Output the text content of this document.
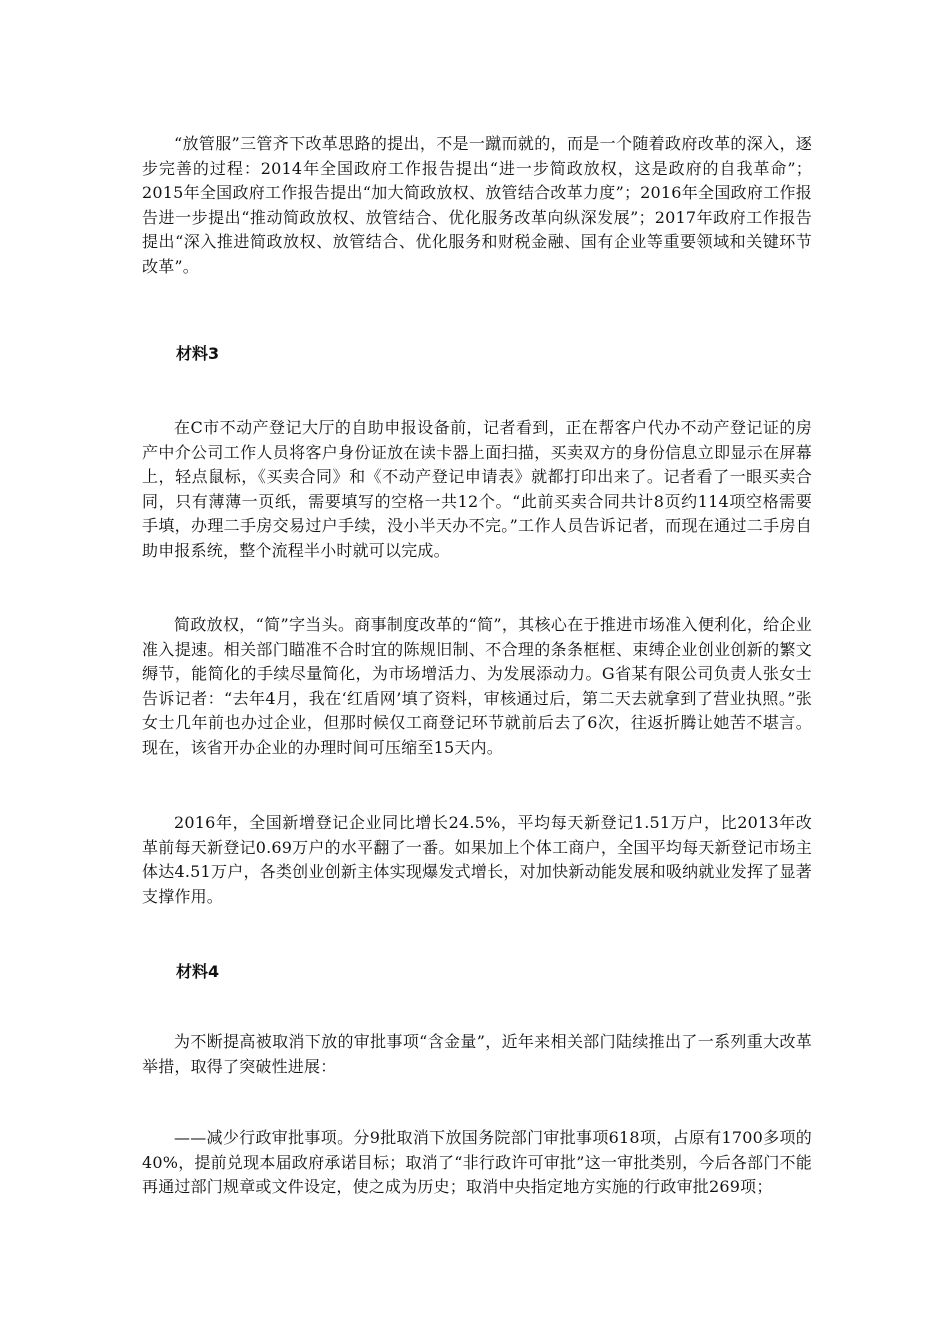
“放管服”三管齐下改革思路的提出，不是一蹴而就的，而是一个随着政府改革的深入，逐步完善的过程：2014年全国政府工作报告提出“进一步简政放权，这是政府的自我革命”；2015年全国政府工作报告提出“加大简政放权、放管结合改革力度”；2016年全国政府工作报告进一步提出“推动简政放权、放管结合、优化服务改革向纵深发展”；2017年政府工作报告提出“深入推进简政放权、放管结合、优化服务和财税金融、国有企业等重要领域和关键环节改革”。

材料3

在C市不动产登记大厅的自助申报设备前，记者看到，正在帮客户代办不动产登记证的房产中介公司工作人员将客户身份证放在读卡器上面扫描，买卖双方的身份信息立即显示在屏幕上，轻点鼠标，《买卖合同》和《不动产登记申请表》就都打印出来了。记者看了一眼买卖合同，只有薄薄一页纸，需要填写的空格一共12个。“此前买卖合同共计8页约114项空格需要手填，办理二手房交易过户手续，没小半天办不完。”工作人员告诉记者，而现在通过二手房自助申报系统，整个流程半小时就可以完成。

简政放权，“简”字当头。商事制度改革的“简”，其核心在于推进市场准入便利化，给企业准入提速。相关部门瞄准不合时宜的陈规旧制、不合理的条条框框、束缚企业创业创新的繁文缛节，能简化的手续尽量简化，为市场增活力、为发展添动力。G省某有限公司负责人张女士告诉记者：“去年4月，我在‘红盾网’填了资料，审核通过后，第二天去就拿到了营业执照。”张女士几年前也办过企业，但那时候仅工商登记环节就前后去了6次，往返折腾让她苦不堪言。现在，该省开办企业的办理时间可压缩至15天内。

2016年，全国新增登记企业同比增长24.5%，平均每天新登记1.51万户，比2013年改革前每天新登记0.69万户的水平翻了一番。如果加上个体工商户，全国平均每天新登记市场主体达4.51万户，各类创业创新主体实现爆发式增长，对加快新动能发展和吸纳就业发挥了显著支撑作用。

材料4

为不断提高被取消下放的审批事项“含金量”，近年来相关部门陆续推出了一系列重大改革举措，取得了突破性进展：

——减少行政审批事项。分9批取消下放国务院部门审批事项618项，占原有1700多项的40%，提前兑现本届政府承诺目标；取消了“非行政许可审批”这一审批类别，今后各部门不能再通过部门规章或文件设定，使之成为历史；取消中央指定地方实施的行政审批269项；
